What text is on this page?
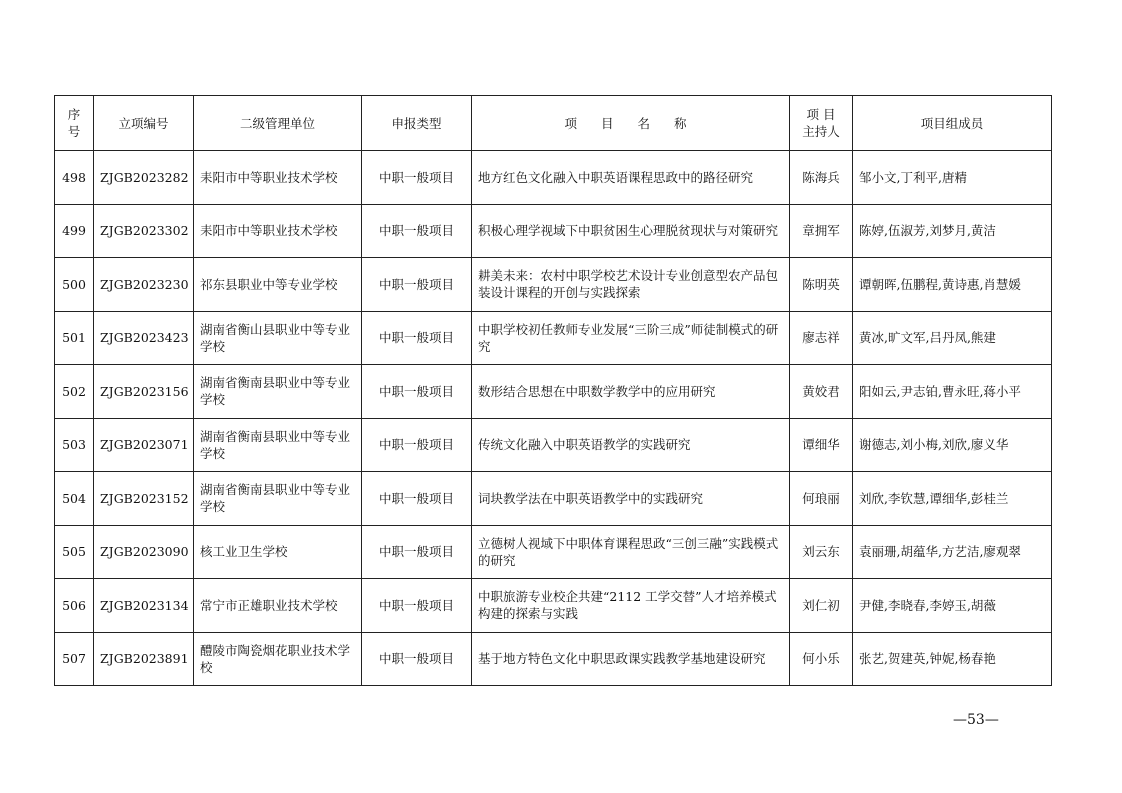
序号	立项编号	二级管理单位	申报类型	项 目 名 称	项 目 主持人	项目组成员
498	ZJGB2023282	耒阳市中等职业技术学校	中职一般项目	地方红色文化融入中职英语课程思政中的路径研究	陈海兵	邹小文,丁利平,唐精
499	ZJGB2023302	耒阳市中等职业技术学校	中职一般项目	积极心理学视域下中职贫困生心理脱贫现状与对策研究	章拥军	陈婷,伍淑芳,刘梦月,黄洁
500	ZJGB2023230	祁东县职业中等专业学校	中职一般项目	耕美未来：农村中职学校艺术设计专业创意型农产品包装设计课程的开创与实践探索	陈明英	谭朝晖,伍鹏程,黄诗惠,肖慧媛
501	ZJGB2023423	湖南省衡山县职业中等专业学校	中职一般项目	中职学校初任教师专业发展“三阶三成”师徒制模式的研究	廖志祥	黄冰,旷文军,吕丹凤,熊建
502	ZJGB2023156	湖南省衡南县职业中等专业学校	中职一般项目	数形结合思想在中职数学教学中的应用研究	黄姣君	阳如云,尹志铂,曹永旺,蒋小平
503	ZJGB2023071	湖南省衡南县职业中等专业学校	中职一般项目	传统文化融入中职英语教学的实践研究	谭细华	谢德志,刘小梅,刘欣,廖义华
504	ZJGB2023152	湖南省衡南县职业中等专业学校	中职一般项目	词块教学法在中职英语教学中的实践研究	何琅丽	刘欣,李钦慧,谭细华,彭桂兰
505	ZJGB2023090	核工业卫生学校	中职一般项目	立德树人视域下中职体育课程思政“三创三融”实践模式的研究	刘云东	袁丽珊,胡蕴华,方艺洁,廖观翠
506	ZJGB2023134	常宁市正雄职业技术学校	中职一般项目	中职旅游专业校企共建“2112 工学交替”人才培养模式构建的探索与实践	刘仁初	尹健,李晓春,李婷玉,胡薇
507	ZJGB2023891	醴陵市陶瓷烟花职业技术学校	中职一般项目	基于地方特色文化中职思政课实践教学基地建设研究	何小乐	张艺,贺建英,钟妮,杨春艳
—53—
